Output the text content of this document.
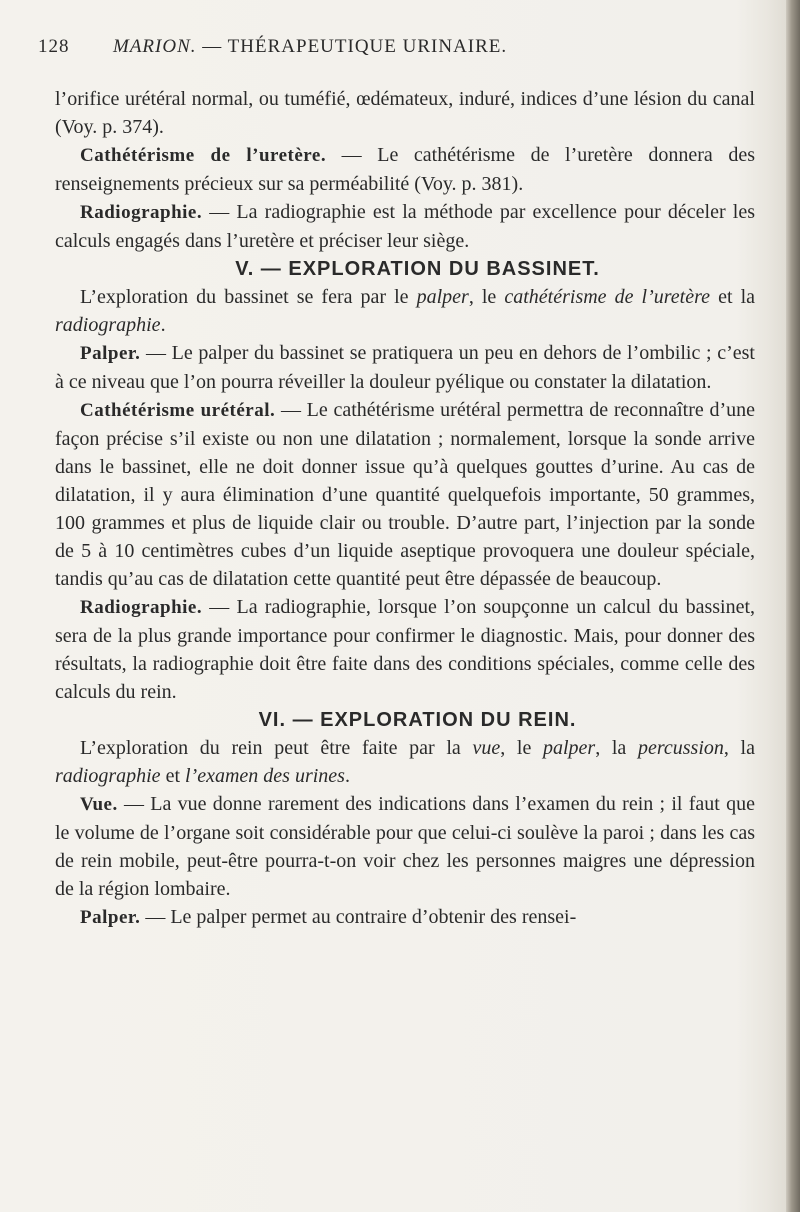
128 MARION. — THÉRAPEUTIQUE URINAIRE.

l’orifice urétéral normal, ou tuméfié, œdémateux, induré, indices d’une lésion du canal (Voy. p. 374).

Cathétérisme de l’uretère. — Le cathétérisme de l’uretère donnera des renseignements précieux sur sa perméabilité (Voy. p. 381).

Radiographie. — La radiographie est la méthode par excellence pour déceler les calculs engagés dans l’uretère et préciser leur siège.

V. — EXPLORATION DU BASSINET.

L’exploration du bassinet se fera par le palper, le cathétérisme de l’uretère et la radiographie.

Palper. — Le palper du bassinet se pratiquera un peu en dehors de l’ombilic ; c’est à ce niveau que l’on pourra réveiller la douleur pyélique ou constater la dilatation.

Cathétérisme urétéral. — Le cathétérisme urétéral permettra de reconnaître d’une façon précise s’il existe ou non une dilatation ; normalement, lorsque la sonde arrive dans le bassinet, elle ne doit donner issue qu’à quelques gouttes d’urine. Au cas de dilatation, il y aura élimination d’une quantité quelquefois importante, 50 grammes, 100 grammes et plus de liquide clair ou trouble. D’autre part, l’injection par la sonde de 5 à 10 centimètres cubes d’un liquide aseptique provoquera une douleur spéciale, tandis qu’au cas de dilatation cette quantité peut être dépassée de beaucoup.

Radiographie. — La radiographie, lorsque l’on soupçonne un calcul du bassinet, sera de la plus grande importance pour confirmer le diagnostic. Mais, pour donner des résultats, la radiographie doit être faite dans des conditions spéciales, comme celle des calculs du rein.

VI. — EXPLORATION DU REIN.

L’exploration du rein peut être faite par la vue, le palper, la percussion, la radiographie et l’examen des urines.

Vue. — La vue donne rarement des indications dans l’examen du rein ; il faut que le volume de l’organe soit considérable pour que celui-ci soulève la paroi ; dans les cas de rein mobile, peut-être pourra-t-on voir chez les personnes maigres une dépression de la région lombaire.

Palper. — Le palper permet au contraire d’obtenir des rensei-
